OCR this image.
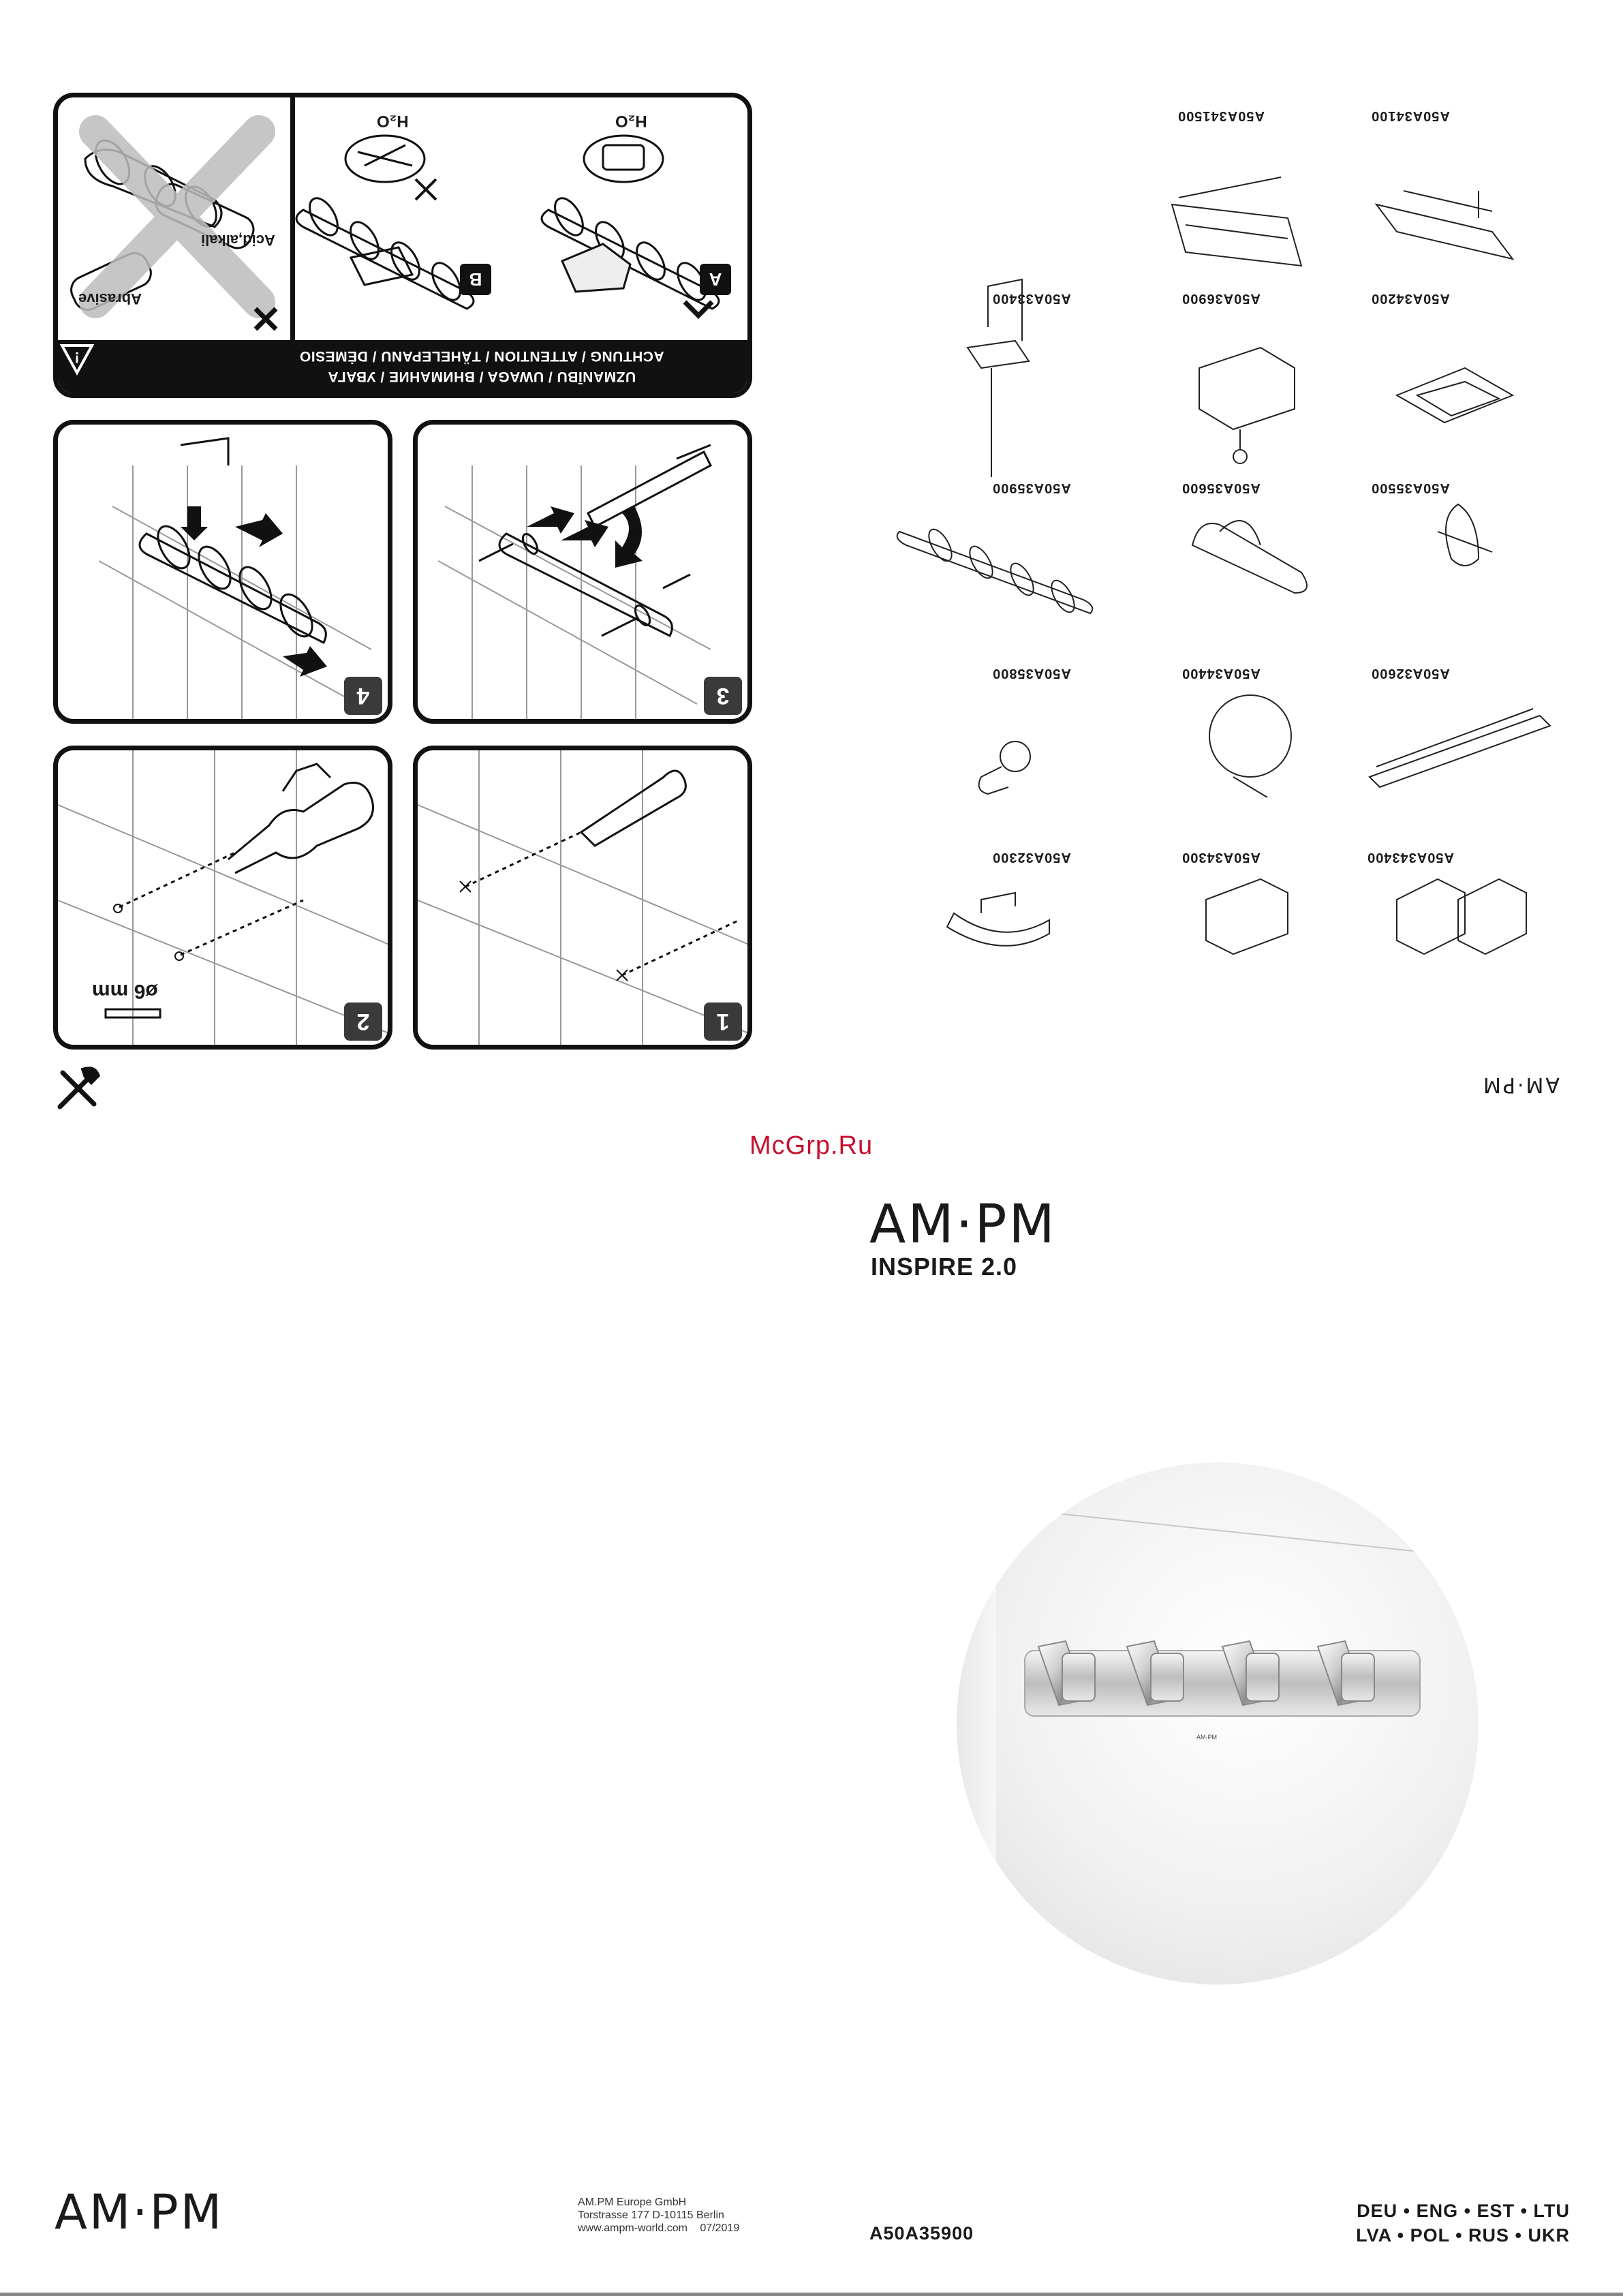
Abrasive
Acid,alkali
H₂O	H₂O
B	A
UZMANĪBU / UWAGA / ВНИМАНИЕ / УВАГА
ACHTUNG / ATTENTION / TÄHELEPANU / DĖMESIO
!
4	3
ø6 mm
2	1
A50A34100
A50A341500
A50A34200
A50A36900
A50A33400
A50A35500
A50A35600
A50A35900
A50A32600
A50A34400
A50A35800
A50A343400
A50A34300
A50A32300
AM·PM
McGrp.Ru
AM·PM
INSPIRE 2.0
AM·PM
AM·PM	AM.PM Europe GmbH
Torstrasse 177 D-10115 Berlin
www.ampm-world.com 07/2019	A50A35900
DEU • ENG • EST • LTU
LVA • POL • RUS • UKR
